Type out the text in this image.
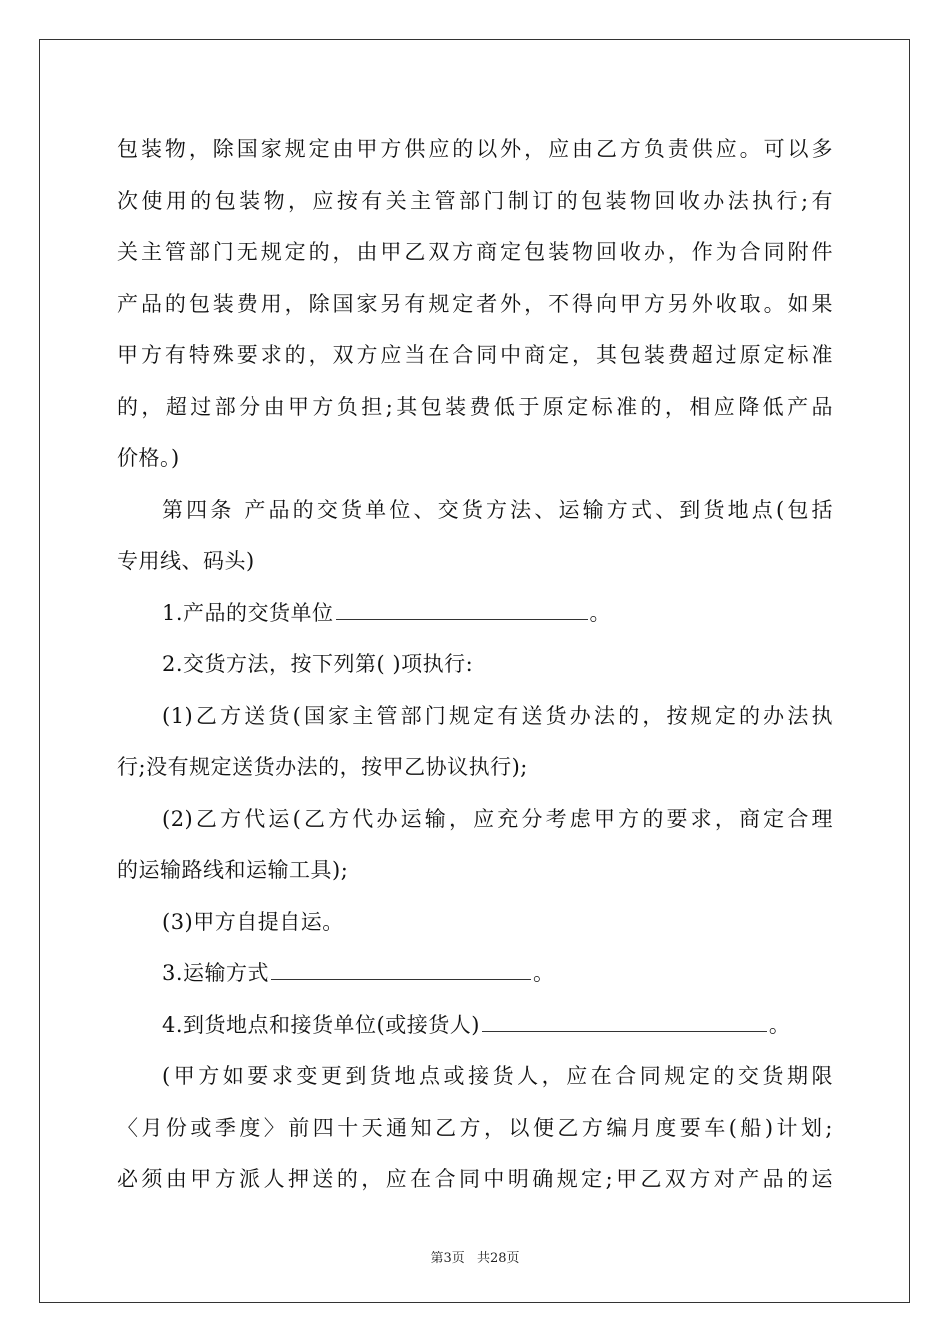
包装物，除国家规定由甲方供应的以外，应由乙方负责供应。可以多
次使用的包装物，应按有关主管部门制订的包装物回收办法执行;有
关主管部门无规定的，由甲乙双方商定包装物回收办，作为合同附件
产品的包装费用，除国家另有规定者外，不得向甲方另外收取。如果
甲方有特殊要求的，双方应当在合同中商定，其包装费超过原定标准
的，超过部分由甲方负担;其包装费低于原定标准的，相应降低产品
价格。)
第四条 产品的交货单位、交货方法、运输方式、到货地点(包括
专用线、码头)
1.产品的交货单位	。
2.交货方法，按下列第( )项执行:
(1)乙方送货(国家主管部门规定有送货办法的，按规定的办法执
行;没有规定送货办法的，按甲乙协议执行);
(2)乙方代运(乙方代办运输，应充分考虑甲方的要求，商定合理
的运输路线和运输工具);
(3)甲方自提自运。
3.运输方式	。
4.到货地点和接货单位(或接货人)	。
(甲方如要求变更到货地点或接货人，应在合同规定的交货期限
〈月份或季度〉前四十天通知乙方，以便乙方编月度要车(船)计划;
必须由甲方派人押送的，应在合同中明确规定;甲乙双方对产品的运
第3页 共28页
